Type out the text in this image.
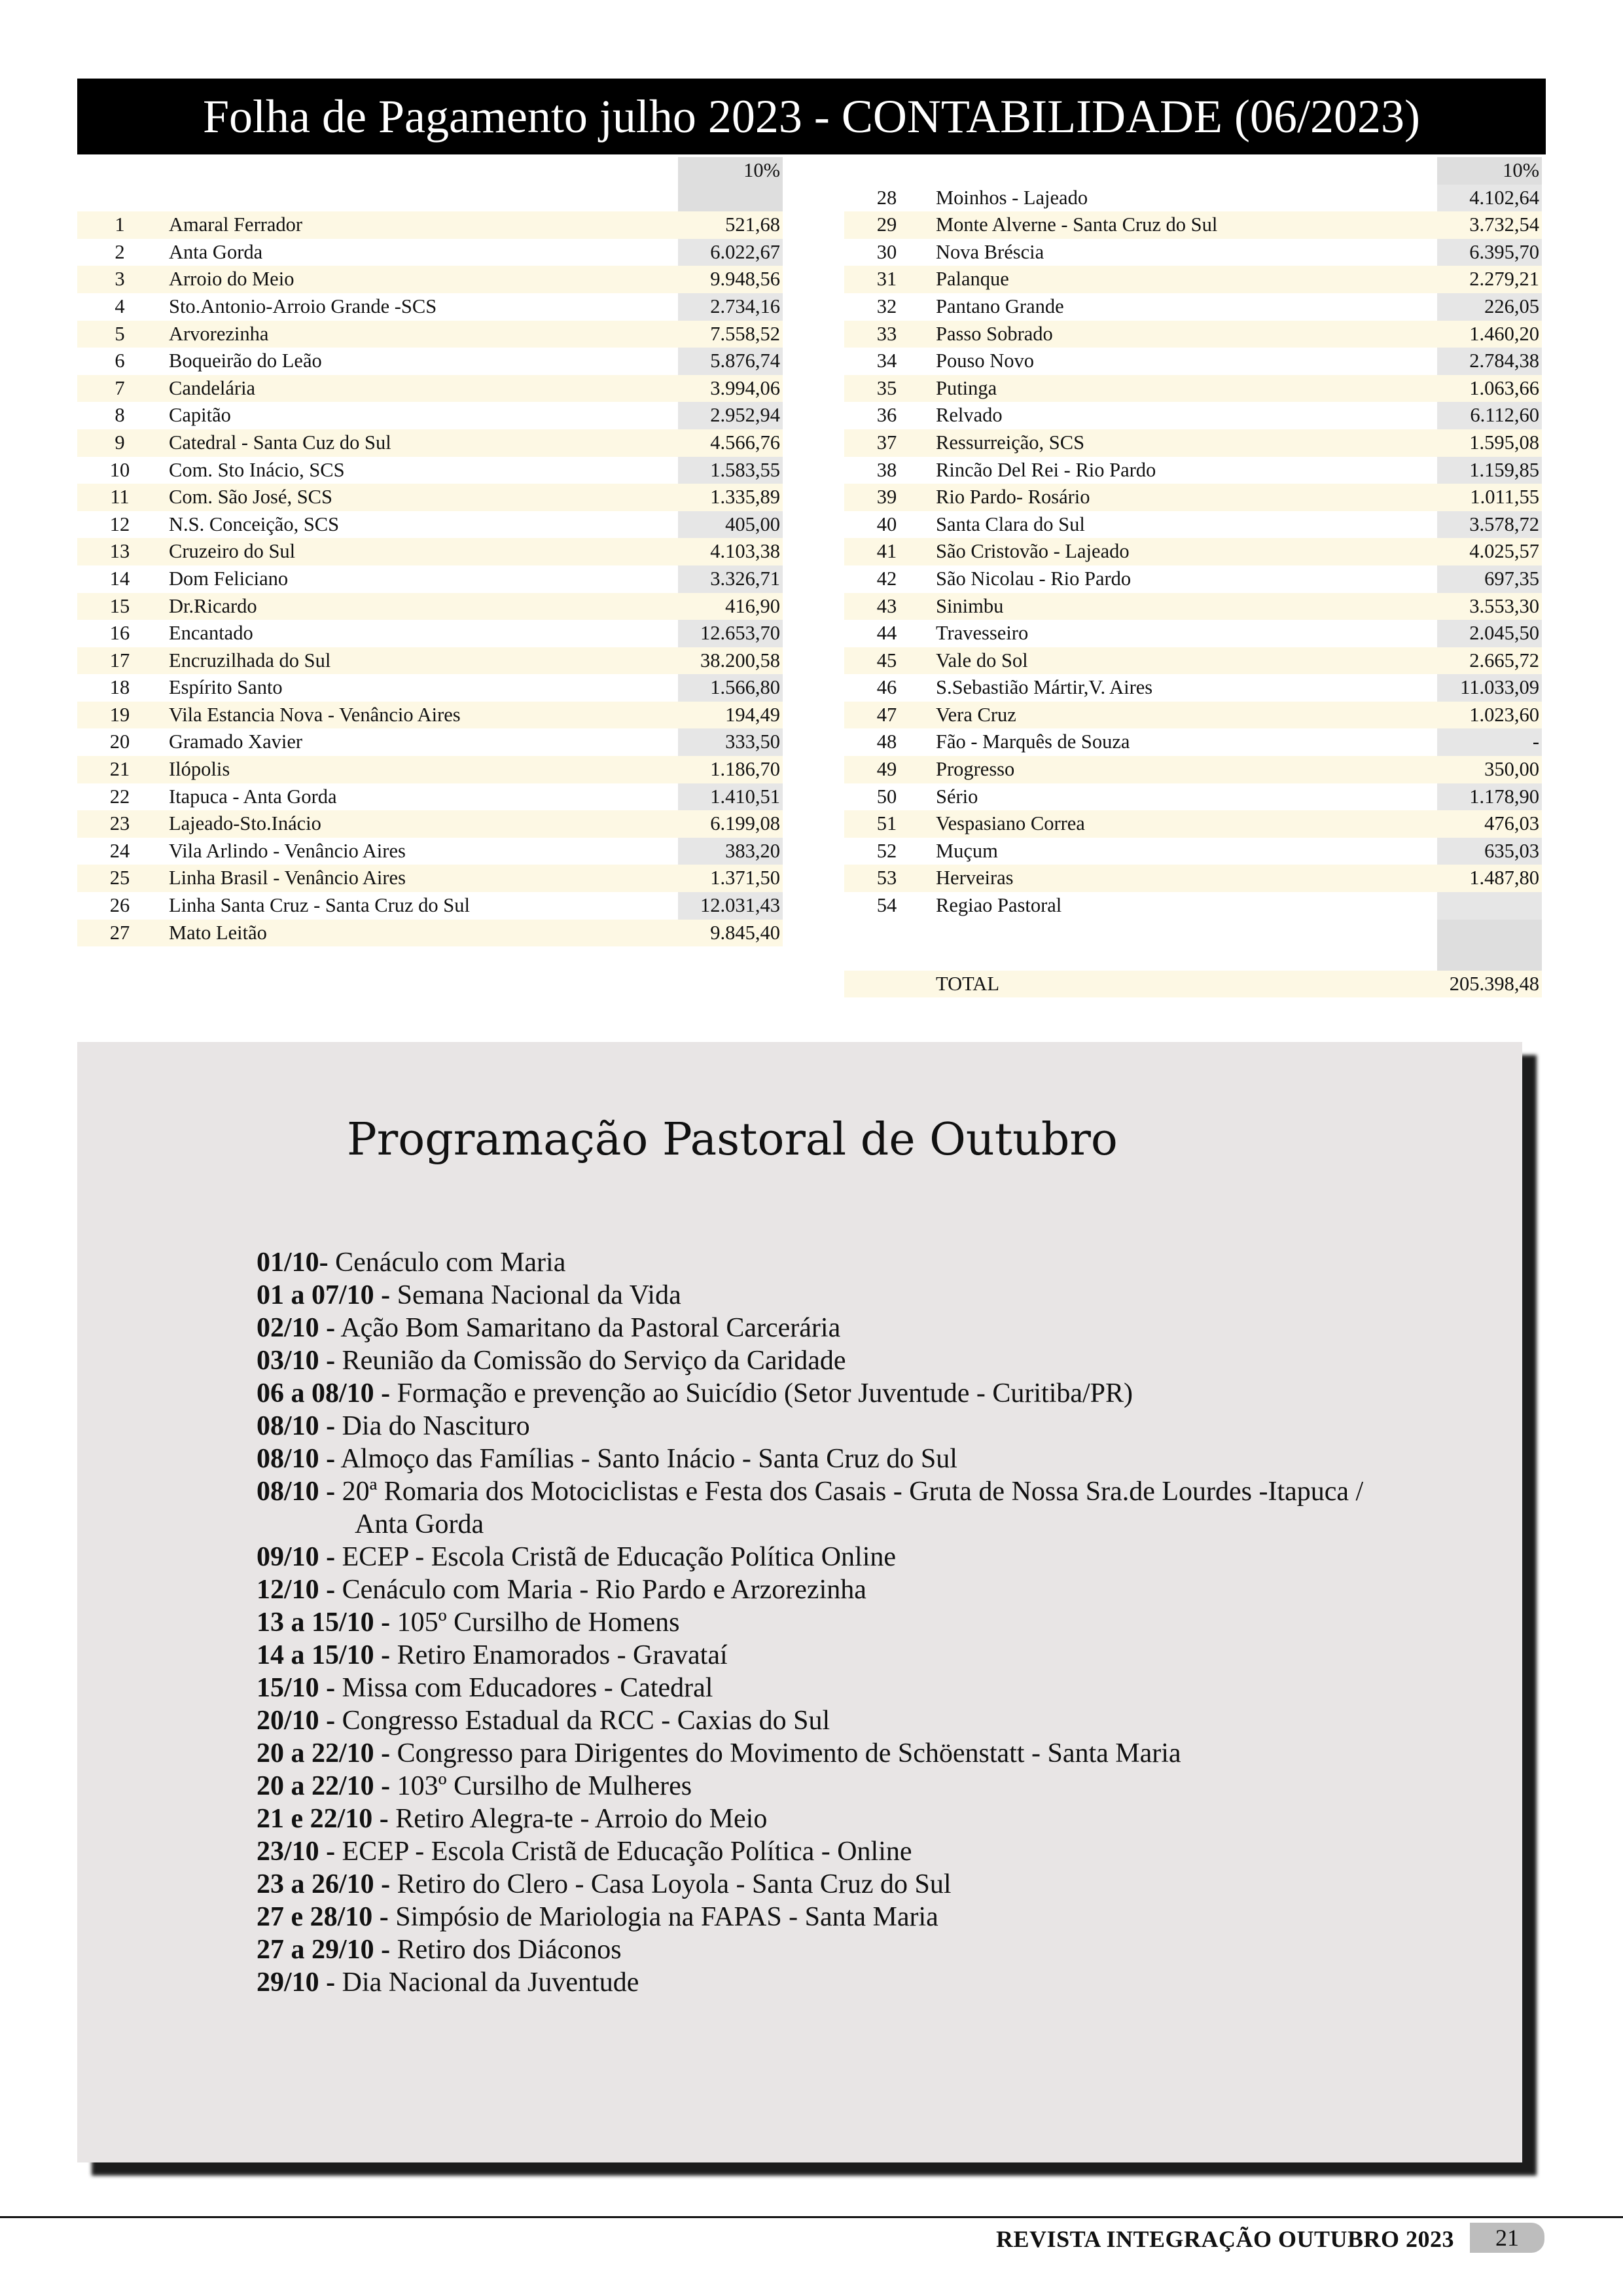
Folha de Pagamento julho 2023 - CONTABILIDADE (06/2023)
		10%

1	Amaral Ferrador	521,68
2	Anta Gorda	6.022,67
3	Arroio do Meio	9.948,56
4	Sto.Antonio-Arroio Grande -SCS	2.734,16
5	Arvorezinha	7.558,52
6	Boqueirão do Leão	5.876,74
7	Candelária	3.994,06
8	Capitão	2.952,94
9	Catedral - Santa Cuz do Sul	4.566,76
10	Com. Sto Inácio, SCS	1.583,55
11	Com. São José, SCS	1.335,89
12	N.S. Conceição, SCS	405,00
13	Cruzeiro do Sul	4.103,38
14	Dom Feliciano	3.326,71
15	Dr.Ricardo	416,90
16	Encantado	12.653,70
17	Encruzilhada do Sul	38.200,58
18	Espírito Santo	1.566,80
19	Vila Estancia Nova - Venâncio Aires	194,49
20	Gramado Xavier	333,50
21	Ilópolis	1.186,70
22	Itapuca - Anta Gorda	1.410,51
23	Lajeado-Sto.Inácio	6.199,08
24	Vila Arlindo - Venâncio Aires	383,20
25	Linha Brasil - Venâncio Aires	1.371,50
26	Linha Santa Cruz - Santa Cruz do Sul	12.031,43
27	Mato Leitão	9.845,40
		10%
28	Moinhos - Lajeado	4.102,64
29	Monte Alverne - Santa Cruz do Sul	3.732,54
30	Nova Bréscia	6.395,70
31	Palanque	2.279,21
32	Pantano Grande	226,05
33	Passo Sobrado	1.460,20
34	Pouso Novo	2.784,38
35	Putinga	1.063,66
36	Relvado	6.112,60
37	Ressurreição, SCS	1.595,08
38	Rincão Del Rei - Rio Pardo	1.159,85
39	Rio Pardo- Rosário	1.011,55
40	Santa Clara do Sul	3.578,72
41	São Cristovão - Lajeado	4.025,57
42	São Nicolau - Rio Pardo	697,35
43	Sinimbu	3.553,30
44	Travesseiro	2.045,50
45	Vale do Sol	2.665,72
46	S.Sebastião Mártir,V. Aires	11.033,09
47	Vera Cruz	1.023,60
48	Fão - Marquês de Souza	-
49	Progresso	350,00
50	Sério	1.178,90
51	Vespasiano Correa	476,03
52	Muçum	635,03
53	Herveiras	1.487,80
54	Regiao Pastoral	

	TOTAL	205.398,48
Programação Pastoral de Outubro
01/10- Cenáculo com Maria
01 a 07/10 - Semana Nacional da Vida
02/10 - Ação Bom Samaritano da Pastoral Carcerária
03/10 - Reunião da Comissão do Serviço da Caridade
06 a 08/10 - Formação e prevenção ao Suicídio (Setor Juventude - Curitiba/PR)
08/10 - Dia do Nascituro
08/10 - Almoço das Famílias - Santo Inácio - Santa Cruz do Sul
08/10 - 20ª Romaria dos Motociclistas e Festa dos Casais - Gruta de Nossa Sra.de Lourdes -Itapuca /
Anta Gorda
09/10 - ECEP - Escola Cristã de Educação Política Online
12/10 - Cenáculo com Maria - Rio Pardo e Arzorezinha
13 a 15/10 - 105º Cursilho de Homens
14 a 15/10 - Retiro Enamorados - Gravataí
15/10 - Missa com Educadores - Catedral
20/10 - Congresso Estadual da RCC - Caxias do Sul
20 a 22/10 - Congresso para Dirigentes do Movimento de Schöenstatt - Santa Maria
20 a 22/10 - 103º Cursilho de Mulheres
21 e 22/10 - Retiro Alegra-te - Arroio do Meio
23/10 - ECEP - Escola Cristã de Educação Política - Online
23 a 26/10 - Retiro do Clero - Casa Loyola - Santa Cruz do Sul
27 e 28/10 - Simpósio de Mariologia na FAPAS - Santa Maria
27 a 29/10 - Retiro dos Diáconos
29/10 - Dia Nacional da Juventude
REVISTA INTEGRAÇÃO OUTUBRO 2023 21
